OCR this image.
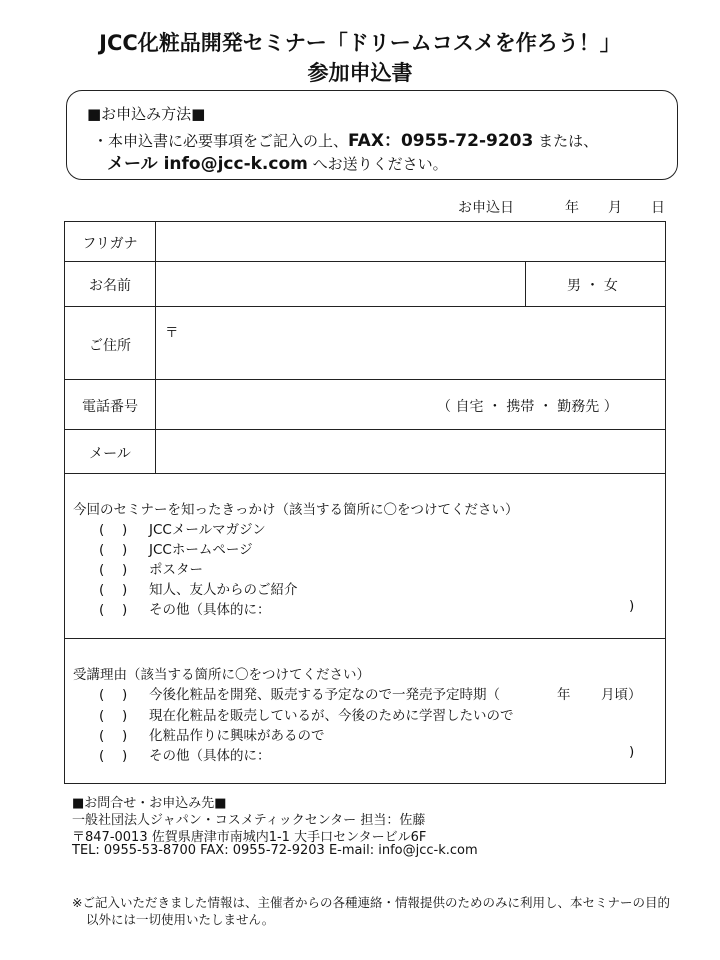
JCC化粧品開発セミナー「ドリームコスメを作ろう！」
参加申込書
■お申込み方法■
・本申込書に必要事項をご記入の上、FAX：0955-72-9203 または、
メール info@jcc-k.com へお送りください。
お申込日	年 月 日
フリガナ
お名前	男 ・ 女
ご住所
〒
電話番号	（ 自宅 ・ 携帯 ・ 勤務先 ）
メール
今回のセミナーを知ったきっかけ（該当する箇所に〇をつけてください）
(　 ) JCCメールマガジン
(　 ) JCCホームページ
(　 ) ポスター
(　 ) 知人、友人からのご紹介
(　 ) その他（具体的に：	)
受講理由（該当する箇所に〇をつけてください）
(　 ) 今後化粧品を開発、販売する予定なので一発売予定時期（	年 月頃）
(　 ) 現在化粧品を販売しているが、今後のために学習したいので
(　 ) 化粧品作りに興味があるので
(　 ) その他（具体的に：	)
■お問合せ・お申込み先■
一般社団法人ジャパン・コスメティックセンター 担当：佐藤
〒847-0013 佐賀県唐津市南城内1-1 大手口センタービル6F
TEL: 0955-53-8700 FAX: 0955-72-9203 E-mail: info@jcc-k.com
※ご記入いただきました情報は、主催者からの各種連絡・情報提供のためのみに利用し、本セミナーの目的
以外には一切使用いたしません。
